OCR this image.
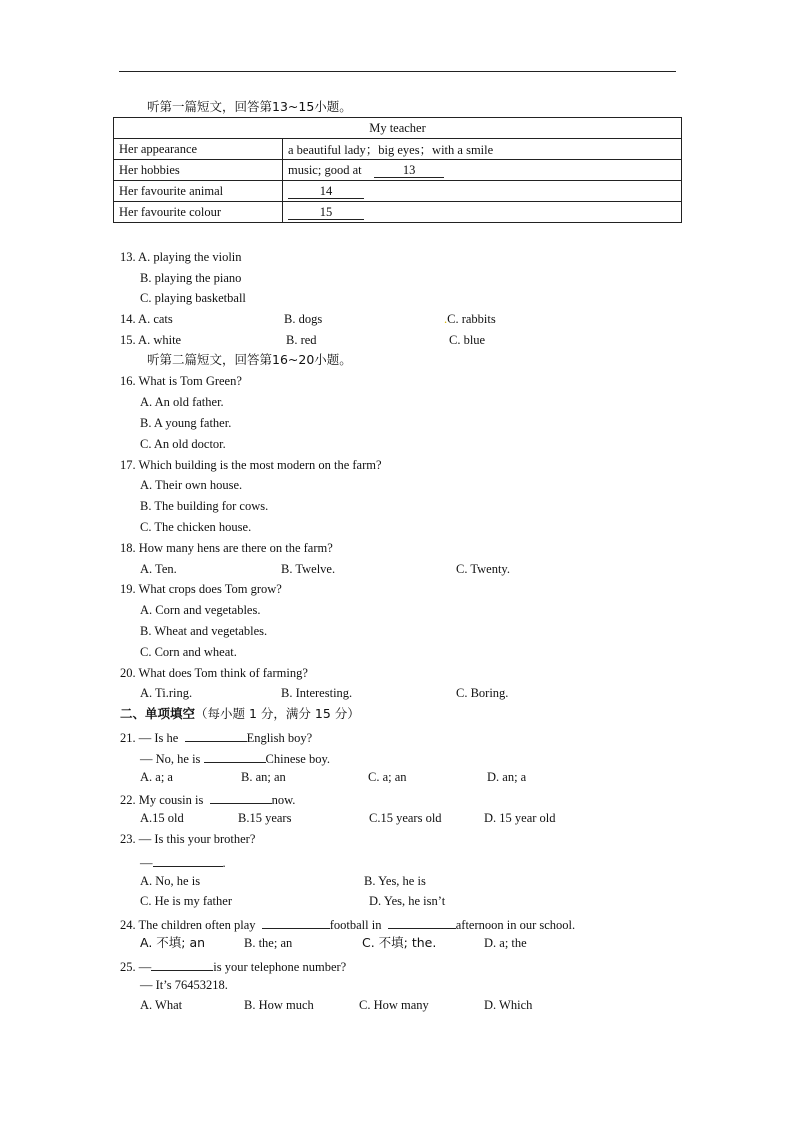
听第一篇短文，回答第13~15小题。
My teacher	
Her appearance	a beautiful lady；big eyes；with a smile
Her hobbies	music; good at 13
Her favourite animal	14
Her favourite colour	15
13. A. playing the violin
B. playing the piano
C. playing basketball
14. A. cats	B. dogs	.C. rabbits
15. A. white	B. red	C. blue
听第二篇短文，回答第16~20小题。
16. What is Tom Green?
A. An old father.
B. A young father.
C. An old doctor.
17. Which building is the most modern on the farm?
A. Their own house.
B. The building for cows.
C. The chicken house.
18. How many hens are there on the farm?
A. Ten.	B. Twelve.	C. Twenty.
19. What crops does Tom grow?
A. Corn and vegetables.
B. Wheat and vegetables.
C. Corn and wheat.
20. What does Tom think of farming?
A. Ti.ring.	B. Interesting.	C. Boring.
二、单项填空（每小题 1 分，满分 15 分）
21. — Is he	English boy?
— No, he is	Chinese boy.
A. a; a	B. an; an	C. a; an	D. an; a
22. My cousin is	now.
A.15 old	B.15 years	C.15 years old	D. 15 year old
23. — Is this your brother?
—	.
A. No, he is	B. Yes, he is
C. He is my father	D. Yes, he isn’t
24. The children often play	football in	afternoon in our school.
A. 不填; an	B. the; an	C. 不填; the.	D. a; the
25. —	is your telephone number?
— It’s 76453218.
A. What	B. How much	C. How many	D. Which
